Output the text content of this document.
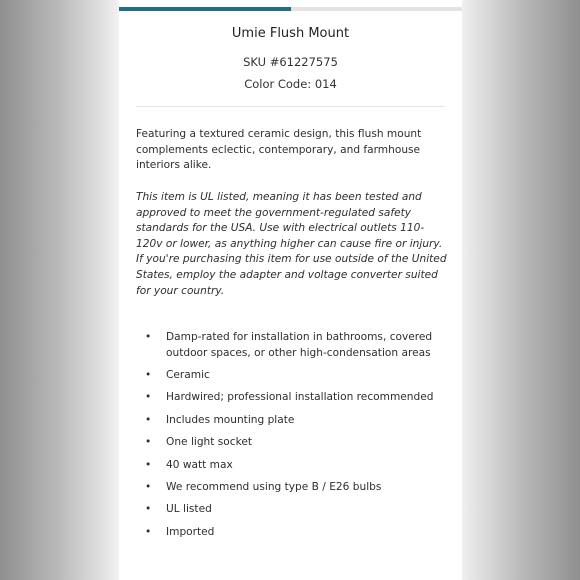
Umie Flush Mount
SKU #61227575
Color Code: 014
Featuring a textured ceramic design, this flush mount complements eclectic, contemporary, and farmhouse interiors alike.
This item is UL listed, meaning it has been tested and approved to meet the government-regulated safety standards for the USA. Use with electrical outlets 110-120v or lower, as anything higher can cause fire or injury. If you're purchasing this item for use outside of the United States, employ the adapter and voltage converter suited for your country.
• Damp-rated for installation in bathrooms, covered outdoor spaces, or other high-condensation areas
• Ceramic
• Hardwired; professional installation recommended
• Includes mounting plate
• One light socket
• 40 watt max
• We recommend using type B / E26 bulbs
• UL listed
• Imported
